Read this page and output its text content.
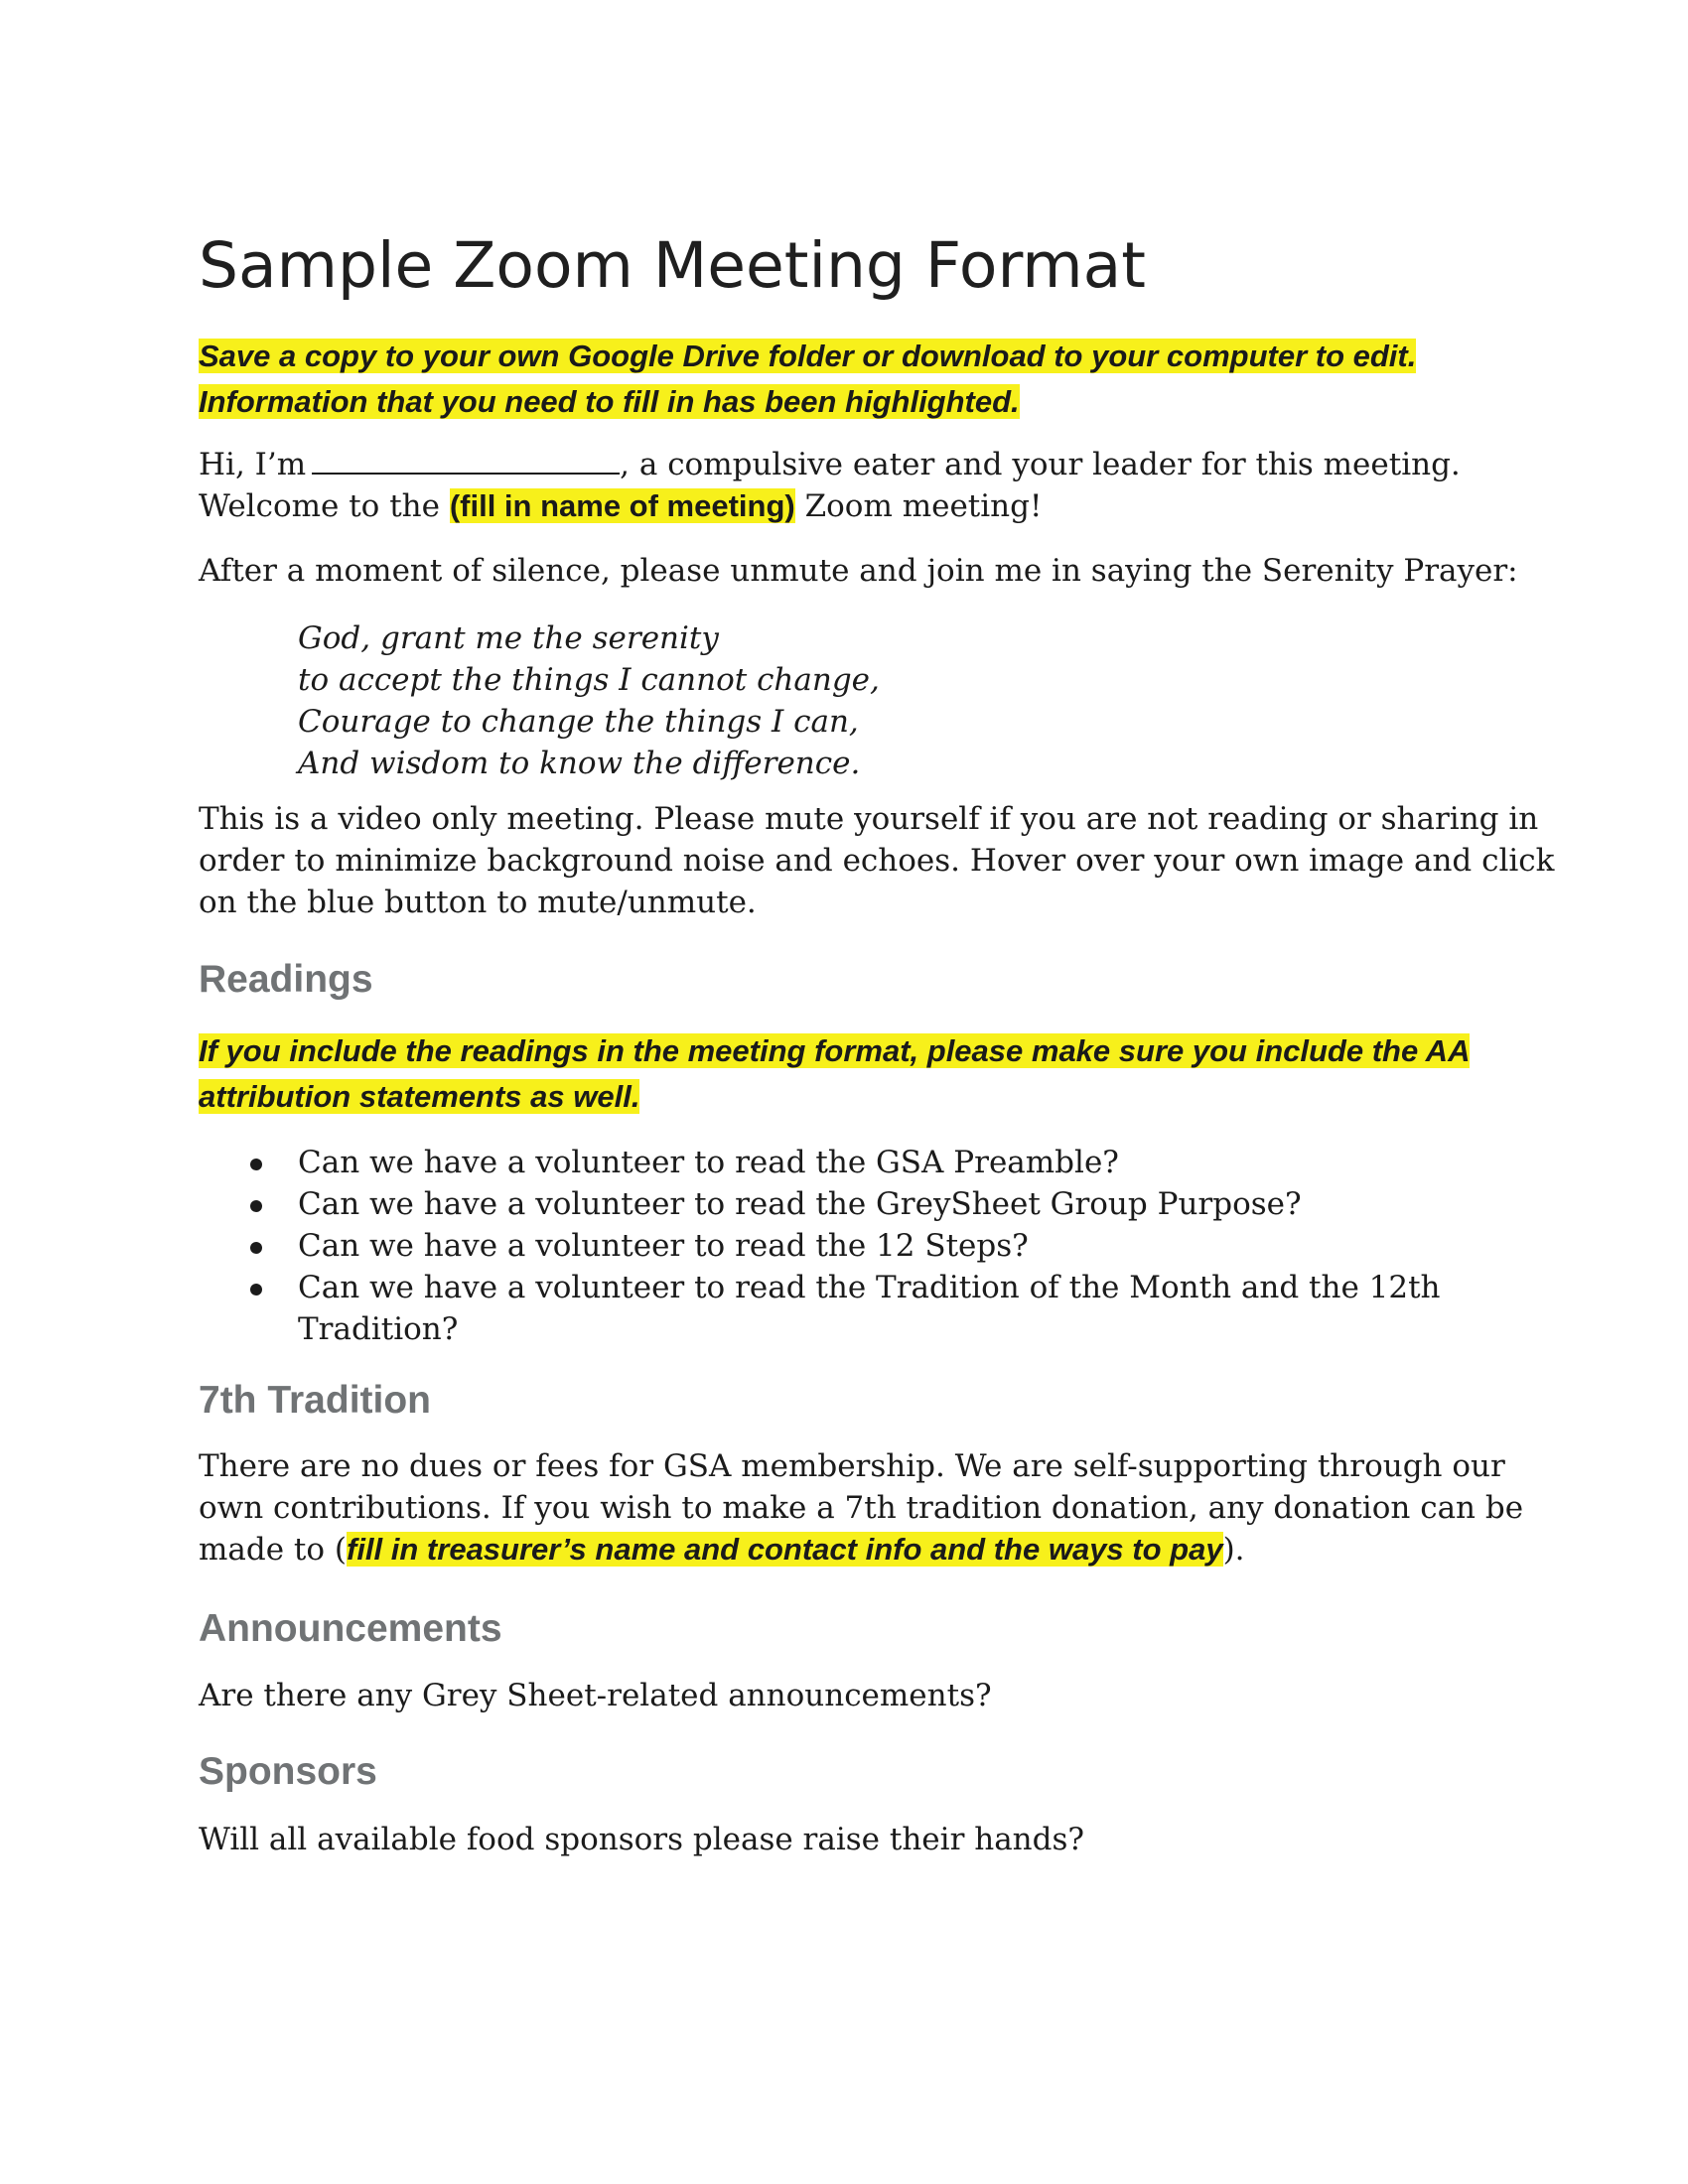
Sample Zoom Meeting Format

Save a copy to your own Google Drive folder or download to your computer to edit.
Information that you need to fill in has been highlighted.

Hi, I’m	, a compulsive eater and your leader for this meeting.
Welcome to the (fill in name of meeting) Zoom meeting!

After a moment of silence, please unmute and join me in saying the Serenity Prayer:

God, grant me the serenity
to accept the things I cannot change,
Courage to change the things I can,
And wisdom to know the difference.

This is a video only meeting. Please mute yourself if you are not reading or sharing in
order to minimize background noise and echoes. Hover over your own image and click
on the blue button to mute/unmute.

Readings

If you include the readings in the meeting format, please make sure you include the AA
attribution statements as well.

Can we have a volunteer to read the GSA Preamble?
Can we have a volunteer to read the GreySheet Group Purpose?
Can we have a volunteer to read the 12 Steps?
Can we have a volunteer to read the Tradition of the Month and the 12th Tradition?
7th Tradition

There are no dues or fees for GSA membership. We are self-supporting through our
own contributions. If you wish to make a 7th tradition donation, any donation can be
made to (fill in treasurer’s name and contact info and the ways to pay).

Announcements

Are there any Grey Sheet-related announcements?

Sponsors

Will all available food sponsors please raise their hands?
